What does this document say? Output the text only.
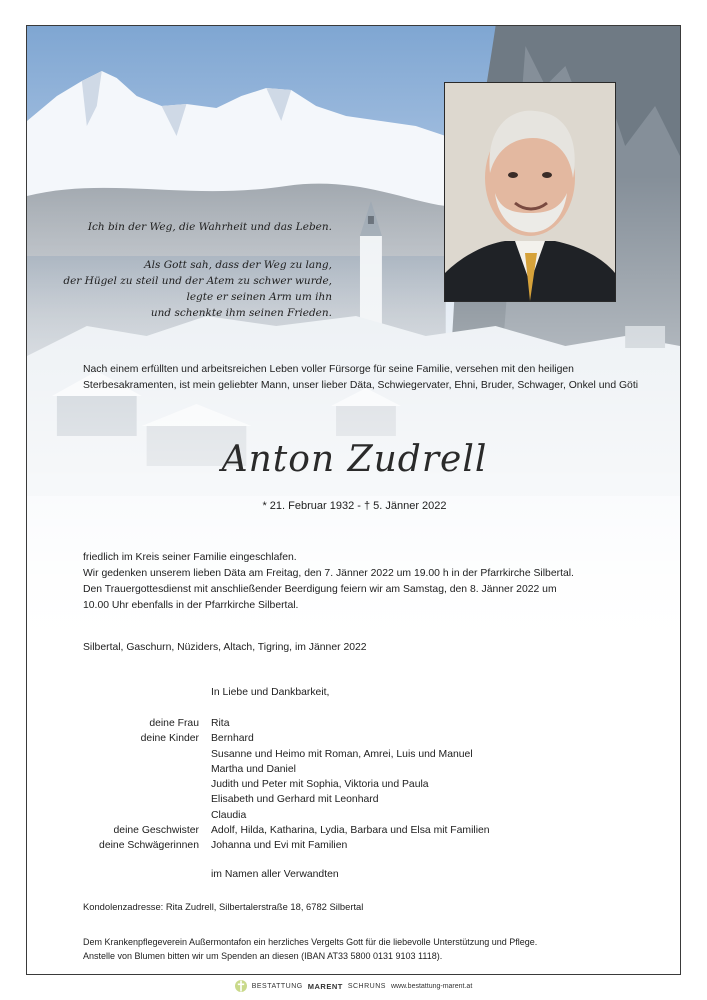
Ich bin der Weg, die Wahrheit und das Leben.
Als Gott sah, dass der Weg zu lang,
der Hügel zu steil und der Atem zu schwer wurde,
legte er seinen Arm um ihn
und schenkte ihm seinen Frieden.
Nach einem erfüllten und arbeitsreichen Leben voller Fürsorge für seine Familie, versehen mit den heiligen Sterbesakramenten, ist mein geliebter Mann, unser lieber Däta, Schwiegervater, Ehni, Bruder, Schwager, Onkel und Göti
Anton Zudrell
* 21. Februar 1932 - † 5. Jänner 2022
friedlich im Kreis seiner Familie eingeschlafen.
Wir gedenken unserem lieben Däta am Freitag, den 7. Jänner 2022 um 19.00 h in der Pfarrkirche Silbertal.
Den Trauergottesdienst mit anschließender Beerdigung feiern wir am Samstag, den 8. Jänner 2022 um
10.00 Uhr ebenfalls in der Pfarrkirche Silbertal.
Silbertal, Gaschurn, Nüziders, Altach, Tigring, im Jänner 2022
In Liebe und Dankbarkeit,
deine Frau	Rita
deine Kinder	Bernhard
Susanne und Heimo mit Roman, Amrei, Luis und Manuel
Martha und Daniel
Judith und Peter mit Sophia, Viktoria und Paula
Elisabeth und Gerhard mit Leonhard
Claudia
deine Geschwister	Adolf, Hilda, Katharina, Lydia, Barbara und Elsa mit Familien
deine Schwägerinnen	Johanna und Evi mit Familien
im Namen aller Verwandten
Kondolenzadresse: Rita Zudrell, Silbertalerstraße 18, 6782 Silbertal
Dem Krankenpflegeverein Außermontafon ein herzliches Vergelts Gott für die liebevolle Unterstützung und Pflege.
Anstelle von Blumen bitten wir um Spenden an diesen (IBAN AT33 5800 0131 9103 1118).
BESTATTUNG MARENT SCHRUNS www.bestattung-marent.at
